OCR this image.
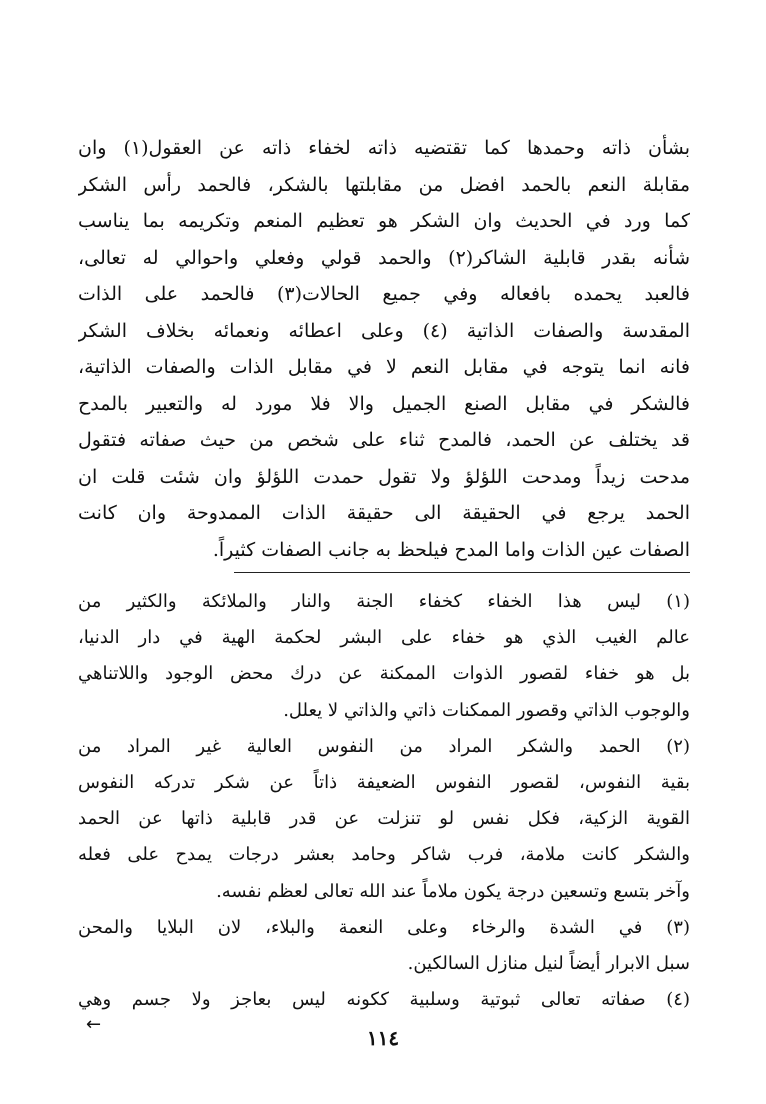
بشأن ذاته وحمدها كما تقتضيه ذاته لخفاء ذاته عن العقول(١) وان
مقابلة النعم بالحمد افضل من مقابلتها بالشكر، فالحمد رأس الشكر
كما ورد في الحديث وان الشكر هو تعظيم المنعم وتكريمه بما يناسب
شأنه بقدر قابلية الشاكر(٢) والحمد قولي وفعلي واحوالي له تعالى،
فالعبد يحمده بافعاله وفي جميع الحالات(٣) فالحمد على الذات
المقدسة والصفات الذاتية (٤) وعلى اعطائه ونعمائه بخلاف الشكر
فانه انما يتوجه في مقابل النعم لا في مقابل الذات والصفات الذاتية،
فالشكر في مقابل الصنع الجميل والا فلا مورد له والتعبير بالمدح
قد يختلف عن الحمد، فالمدح ثناء على شخص من حيث صفاته فتقول
مدحت زيداً ومدحت اللؤلؤ ولا تقول حمدت اللؤلؤ وان شئت قلت ان
الحمد يرجع في الحقيقة الى حقيقة الذات الممدوحة وان كانت
الصفات عين الذات واما المدح فيلحظ به جانب الصفات كثيراً.
(١) ليس هذا الخفاء كخفاء الجنة والنار والملائكة والكثير من
عالم الغيب الذي هو خفاء على البشر لحكمة الهية في دار الدنيا،
بل هو خفاء لقصور الذوات الممكنة عن درك محض الوجود واللاتناهي
والوجوب الذاتي وقصور الممكنات ذاتي والذاتي لا يعلل.
(٢) الحمد والشكر المراد من النفوس العالية غير المراد من
بقية النفوس، لقصور النفوس الضعيفة ذاتاً عن شكر تدركه النفوس
القوية الزكية، فكل نفس لو تنزلت عن قدر قابلية ذاتها عن الحمد
والشكر كانت ملامة، فرب شاكر وحامد بعشر درجات يمدح على فعله
وآخر بتسع وتسعين درجة يكون ملاماً عند الله تعالى لعظم نفسه.
(٣) في الشدة والرخاء وعلى النعمة والبلاء، لان البلايا والمحن
سبل الابرار أيضاً لنيل منازل السالكين.
(٤) صفاته تعالى ثبوتية وسلبية ككونه ليس بعاجز ولا جسم وهي
←
١١٤
